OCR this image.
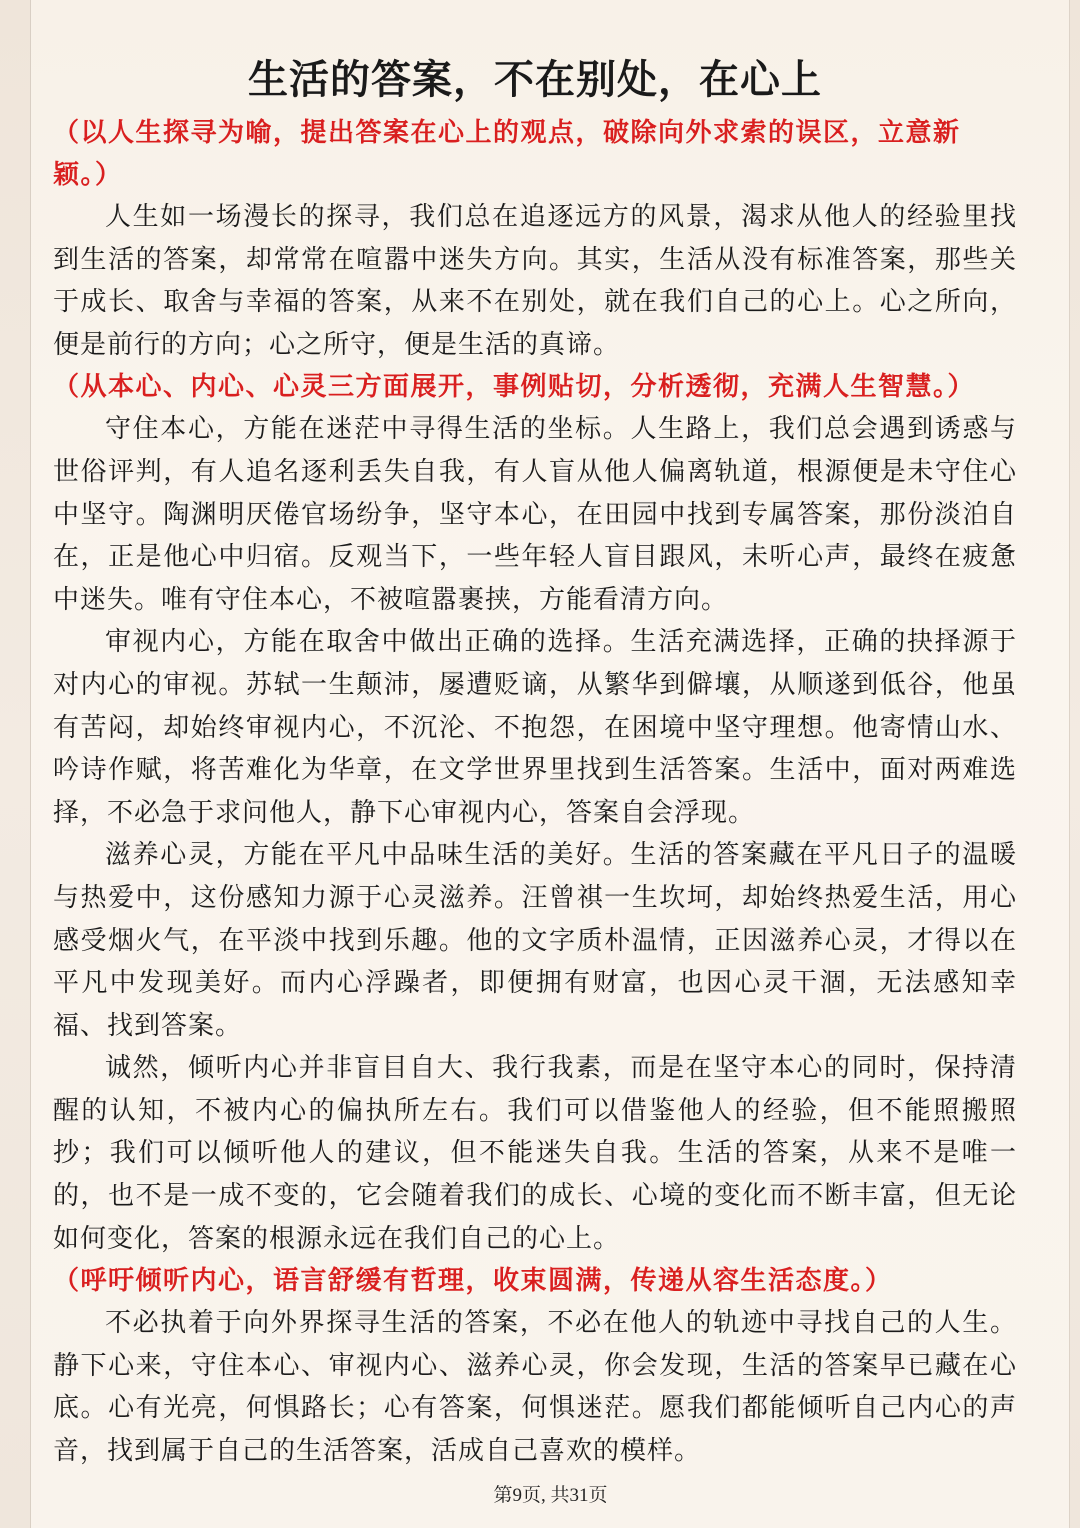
生活的答案，不在别处，在心上

（以人生探寻为喻，提出答案在心上的观点，破除向外求索的误区，立意新颖。）

人生如一场漫长的探寻，我们总在追逐远方的风景，渴求从他人的经验里找到生活的答案，却常常在喧嚣中迷失方向。其实，生活从没有标准答案，那些关于成长、取舍与幸福的答案，从来不在别处，就在我们自己的心上。心之所向，便是前行的方向；心之所守，便是生活的真谛。

（从本心、内心、心灵三方面展开，事例贴切，分析透彻，充满人生智慧。）

守住本心，方能在迷茫中寻得生活的坐标。人生路上，我们总会遇到诱惑与世俗评判，有人追名逐利丢失自我，有人盲从他人偏离轨道，根源便是未守住心中坚守。陶渊明厌倦官场纷争，坚守本心，在田园中找到专属答案，那份淡泊自在，正是他心中归宿。反观当下，一些年轻人盲目跟风，未听心声，最终在疲惫中迷失。唯有守住本心，不被喧嚣裹挟，方能看清方向。

审视内心，方能在取舍中做出正确的选择。生活充满选择，正确的抉择源于对内心的审视。苏轼一生颠沛，屡遭贬谪，从繁华到僻壤，从顺遂到低谷，他虽有苦闷，却始终审视内心，不沉沦、不抱怨，在困境中坚守理想。他寄情山水、吟诗作赋，将苦难化为华章，在文学世界里找到生活答案。生活中，面对两难选择，不必急于求问他人，静下心审视内心，答案自会浮现。

滋养心灵，方能在平凡中品味生活的美好。生活的答案藏在平凡日子的温暖与热爱中，这份感知力源于心灵滋养。汪曾祺一生坎坷，却始终热爱生活，用心感受烟火气，在平淡中找到乐趣。他的文字质朴温情，正因滋养心灵，才得以在平凡中发现美好。而内心浮躁者，即便拥有财富，也因心灵干涸，无法感知幸福、找到答案。

诚然，倾听内心并非盲目自大、我行我素，而是在坚守本心的同时，保持清醒的认知，不被内心的偏执所左右。我们可以借鉴他人的经验，但不能照搬照抄；我们可以倾听他人的建议，但不能迷失自我。生活的答案，从来不是唯一的，也不是一成不变的，它会随着我们的成长、心境的变化而不断丰富，但无论如何变化，答案的根源永远在我们自己的心上。

（呼吁倾听内心，语言舒缓有哲理，收束圆满，传递从容生活态度。）

不必执着于向外界探寻生活的答案，不必在他人的轨迹中寻找自己的人生。静下心来，守住本心、审视内心、滋养心灵，你会发现，生活的答案早已藏在心底。心有光亮，何惧路长；心有答案，何惧迷茫。愿我们都能倾听自己内心的声音，找到属于自己的生活答案，活成自己喜欢的模样。

第9页, 共31页
